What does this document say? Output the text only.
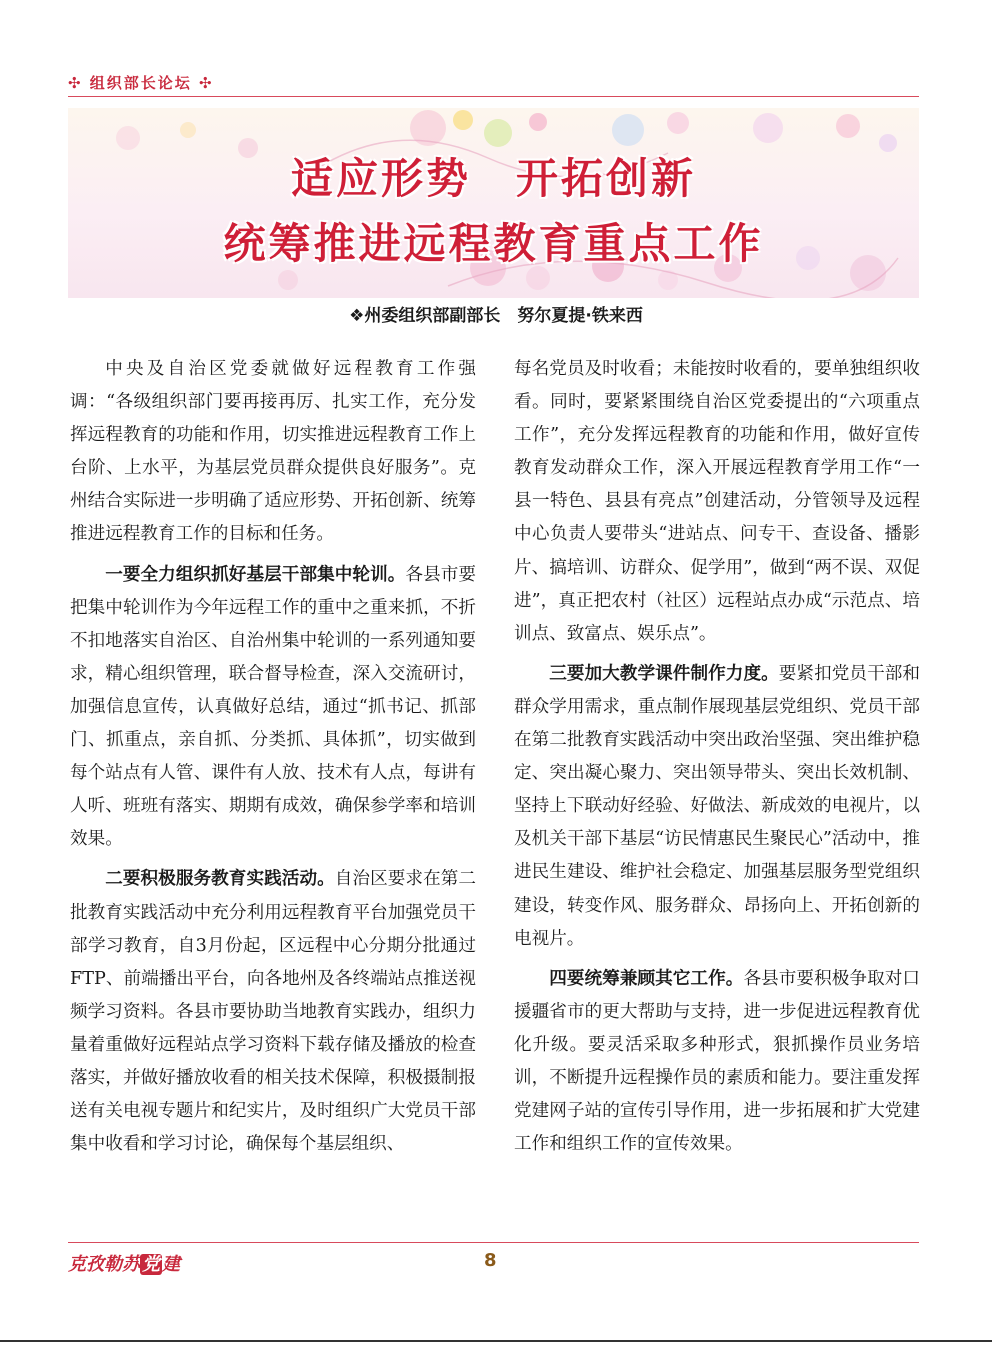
✣ 组织部长论坛 ✣
适应形势　开拓创新
统筹推进远程教育重点工作
❖州委组织部副部长　努尔夏提·铁来西

中央及自治区党委就做好远程教育工作强调：“各级组织部门要再接再厉、扎实工作，充分发挥远程教育的功能和作用，切实推进远程教育工作上台阶、上水平，为基层党员群众提供良好服务”。克州结合实际进一步明确了适应形势、开拓创新、统筹推进远程教育工作的目标和任务。

一要全力组织抓好基层干部集中轮训。各县市要把集中轮训作为今年远程工作的重中之重来抓，不折不扣地落实自治区、自治州集中轮训的一系列通知要求，精心组织管理，联合督导检查，深入交流研讨，加强信息宣传，认真做好总结，通过“抓书记、抓部门、抓重点，亲自抓、分类抓、具体抓”，切实做到每个站点有人管、课件有人放、技术有人点，每讲有人听、班班有落实、期期有成效，确保参学率和培训效果。

二要积极服务教育实践活动。自治区要求在第二批教育实践活动中充分利用远程教育平台加强党员干部学习教育，自3月份起，区远程中心分期分批通过FTP、前端播出平台，向各地州及各终端站点推送视频学习资料。各县市要协助当地教育实践办，组织力量着重做好远程站点学习资料下载存储及播放的检查落实，并做好播放收看的相关技术保障，积极摄制报送有关电视专题片和纪实片，及时组织广大党员干部集中收看和学习讨论，确保每个基层组织、

每名党员及时收看；未能按时收看的，要单独组织收看。同时，要紧紧围绕自治区党委提出的“六项重点工作”，充分发挥远程教育的功能和作用，做好宣传教育发动群众工作，深入开展远程教育学用工作“一县一特色、县县有亮点”创建活动，分管领导及远程中心负责人要带头“进站点、问专干、查设备、播影片、搞培训、访群众、促学用”，做到“两不误、双促进”，真正把农村（社区）远程站点办成“示范点、培训点、致富点、娱乐点”。

三要加大教学课件制作力度。要紧扣党员干部和群众学用需求，重点制作展现基层党组织、党员干部在第二批教育实践活动中突出政治坚强、突出维护稳定、突出凝心聚力、突出领导带头、突出长效机制、坚持上下联动好经验、好做法、新成效的电视片，以及机关干部下基层“访民情惠民生聚民心”活动中，推进民生建设、维护社会稳定、加强基层服务型党组织建设，转变作风、服务群众、昂扬向上、开拓创新的电视片。

四要统筹兼顾其它工作。各县市要积极争取对口援疆省市的更大帮助与支持，进一步促进远程教育优化升级。要灵活采取多种形式，狠抓操作员业务培训，不断提升远程操作员的素质和能力。要注重发挥党建网子站的宣传引导作用，进一步拓展和扩大党建工作和组织工作的宣传效果。

克孜勒苏 党 建	8
